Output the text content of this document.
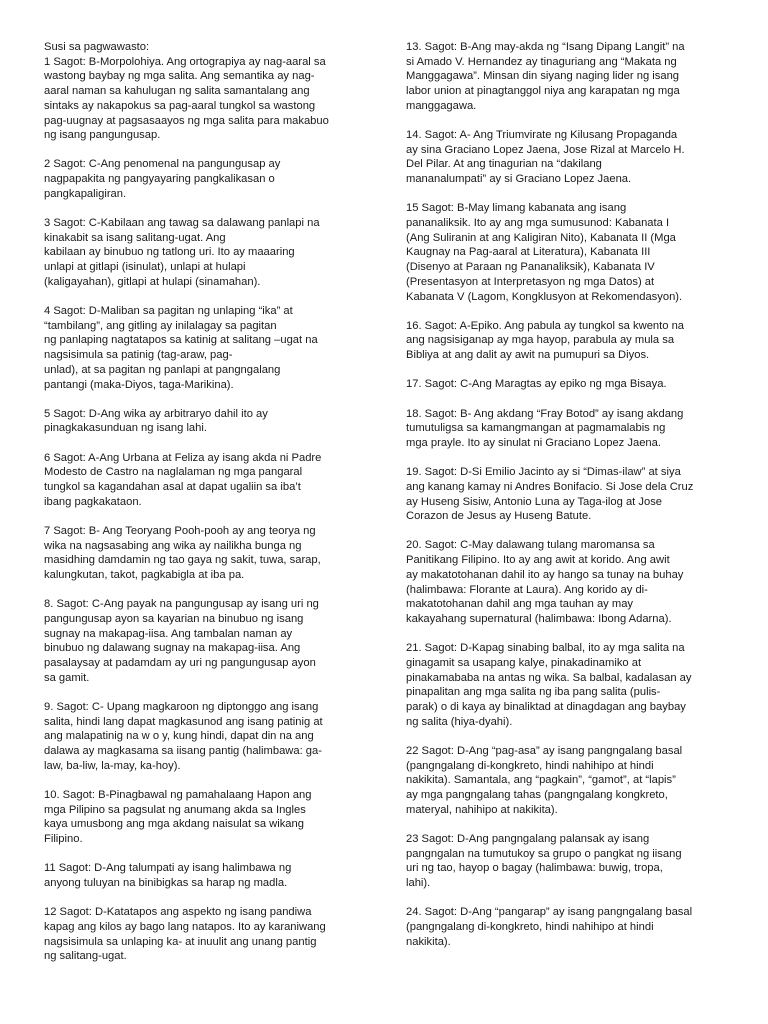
Susi sa pagwawasto:

1 Sagot: B-Morpolohiya. Ang ortograpiya ay nag-aaral sa
wastong baybay ng mga salita. Ang semantika ay nag-
aaral naman sa kahulugan ng salita samantalang ang
sintaks ay nakapokus sa pag-aaral tungkol sa wastong
pag-uugnay at pagsasaayos ng mga salita para makabuo
ng isang pangungusap.

2 Sagot: C-Ang penomenal na pangungusap ay
nagpapakita ng pangyayaring pangkalikasan o
pangkapaligiran.

3 Sagot: C-Kabilaan ang tawag sa dalawang panlapi na
kinakabit sa isang salitang-ugat. Ang
kabilaan ay binubuo ng tatlong uri. Ito ay maaaring
unlapi at gitlapi (isinulat), unlapi at hulapi
(kaligayahan), gitlapi at hulapi (sinamahan).

4 Sagot: D-Maliban sa pagitan ng unlaping “ika” at
“tambilang”, ang gitling ay inilalagay sa pagitan
ng panlaping nagtatapos sa katinig at salitang –ugat na
nagsisimula sa patinig (tag-araw, pag-
unlad), at sa pagitan ng panlapi at pangngalang
pantangi (maka-Diyos, taga-Marikina).

5 Sagot: D-Ang wika ay arbitraryo dahil ito ay
pinagkakasunduan ng isang lahi.

6 Sagot: A-Ang Urbana at Feliza ay isang akda ni Padre
Modesto de Castro na naglalaman ng mga pangaral
tungkol sa kagandahan asal at dapat ugaliin sa iba’t
ibang pagkakataon.

7 Sagot: B- Ang Teoryang Pooh-pooh ay ang teorya ng
wika na nagsasabing ang wika ay nailikha bunga ng
masidhing damdamin ng tao gaya ng sakit, tuwa, sarap,
kalungkutan, takot, pagkabigla at iba pa.

8. Sagot: C-Ang payak na pangungusap ay isang uri ng
pangungusap ayon sa kayarian na binubuo ng isang
sugnay na makapag-iisa. Ang tambalan naman ay
binubuo ng dalawang sugnay na makapag-iisa. Ang
pasalaysay at padamdam ay uri ng pangungusap ayon
sa gamit.

9. Sagot: C- Upang magkaroon ng diptonggo ang isang
salita, hindi lang dapat magkasunod ang isang patinig at
ang malapatinig na w o y, kung hindi, dapat din na ang
dalawa ay magkasama sa iisang pantig (halimbawa: ga-
law, ba-liw, la-may, ka-hoy).

10. Sagot: B-Pinagbawal ng pamahalaang Hapon ang
mga Pilipino sa pagsulat ng anumang akda sa Ingles
kaya umusbong ang mga akdang naisulat sa wikang
Filipino.

11 Sagot: D-Ang talumpati ay isang halimbawa ng
anyong tuluyan na binibigkas sa harap ng madla.

12 Sagot: D-Katatapos ang aspekto ng isang pandiwa
kapag ang kilos ay bago lang natapos. Ito ay karaniwang
nagsisimula sa unlaping ka- at inuulit ang unang pantig
ng salitang-ugat.

13. Sagot: B-Ang may-akda ng “Isang Dipang Langit” na
si Amado V. Hernandez ay tinaguriang ang “Makata ng
Manggagawa”. Minsan din siyang naging lider ng isang
labor union at pinagtanggol niya ang karapatan ng mga
manggagawa.

14. Sagot: A- Ang Triumvirate ng Kilusang Propaganda
ay sina Graciano Lopez Jaena, Jose Rizal at Marcelo H.
Del Pilar. At ang tinagurian na “dakilang
mananalumpati” ay si Graciano Lopez Jaena.

15 Sagot: B-May limang kabanata ang isang
pananaliksik. Ito ay ang mga sumusunod: Kabanata I
(Ang Suliranin at ang Kaligiran Nito), Kabanata II (Mga
Kaugnay na Pag-aaral at Literatura), Kabanata III
(Disenyo at Paraan ng Pananaliksik), Kabanata IV
(Presentasyon at Interpretasyon ng mga Datos) at
Kabanata V (Lagom, Kongklusyon at Rekomendasyon).

16. Sagot: A-Epiko. Ang pabula ay tungkol sa kwento na
ang nagsisiganap ay mga hayop, parabula ay mula sa
Bibliya at ang dalit ay awit na pumupuri sa Diyos.

17. Sagot: C-Ang Maragtas ay epiko ng mga Bisaya.

18. Sagot: B- Ang akdang “Fray Botod” ay isang akdang
tumutuligsa sa kamangmangan at pagmamalabis ng
mga prayle. Ito ay sinulat ni Graciano Lopez Jaena.

19. Sagot: D-Si Emilio Jacinto ay si “Dimas-ilaw” at siya
ang kanang kamay ni Andres Bonifacio. Si Jose dela Cruz
ay Huseng Sisiw, Antonio Luna ay Taga-ilog at Jose
Corazon de Jesus ay Huseng Batute.

20. Sagot: C-May dalawang tulang maromansa sa
Panitikang Filipino. Ito ay ang awit at korido. Ang awit
ay makatotohanan dahil ito ay hango sa tunay na buhay
(halimbawa: Florante at Laura). Ang korido ay di-
makatotohanan dahil ang mga tauhan ay may
kakayahang supernatural (halimbawa: Ibong Adarna).

21. Sagot: D-Kapag sinabing balbal, ito ay mga salita na
ginagamit sa usapang kalye, pinakadinamiko at
pinakamababa na antas ng wika. Sa balbal, kadalasan ay
pinapalitan ang mga salita ng iba pang salita (pulis-
parak) o di kaya ay binaliktad at dinagdagan ang baybay
ng salita (hiya-dyahi).

22 Sagot: D-Ang “pag-asa” ay isang pangngalang basal
(pangngalang di-kongkreto, hindi nahihipo at hindi
nakikita). Samantala, ang “pagkain”, “gamot”, at “lapis”
ay mga pangngalang tahas (pangngalang kongkreto,
materyal, nahihipo at nakikita).

23 Sagot: D-Ang pangngalang palansak ay isang
pangngalan na tumutukoy sa grupo o pangkat ng iisang
uri ng tao, hayop o bagay (halimbawa: buwig, tropa,
lahi).

24. Sagot: D-Ang “pangarap” ay isang pangngalang basal
(pangngalang di-kongkreto, hindi nahihipo at hindi
nakikita).
